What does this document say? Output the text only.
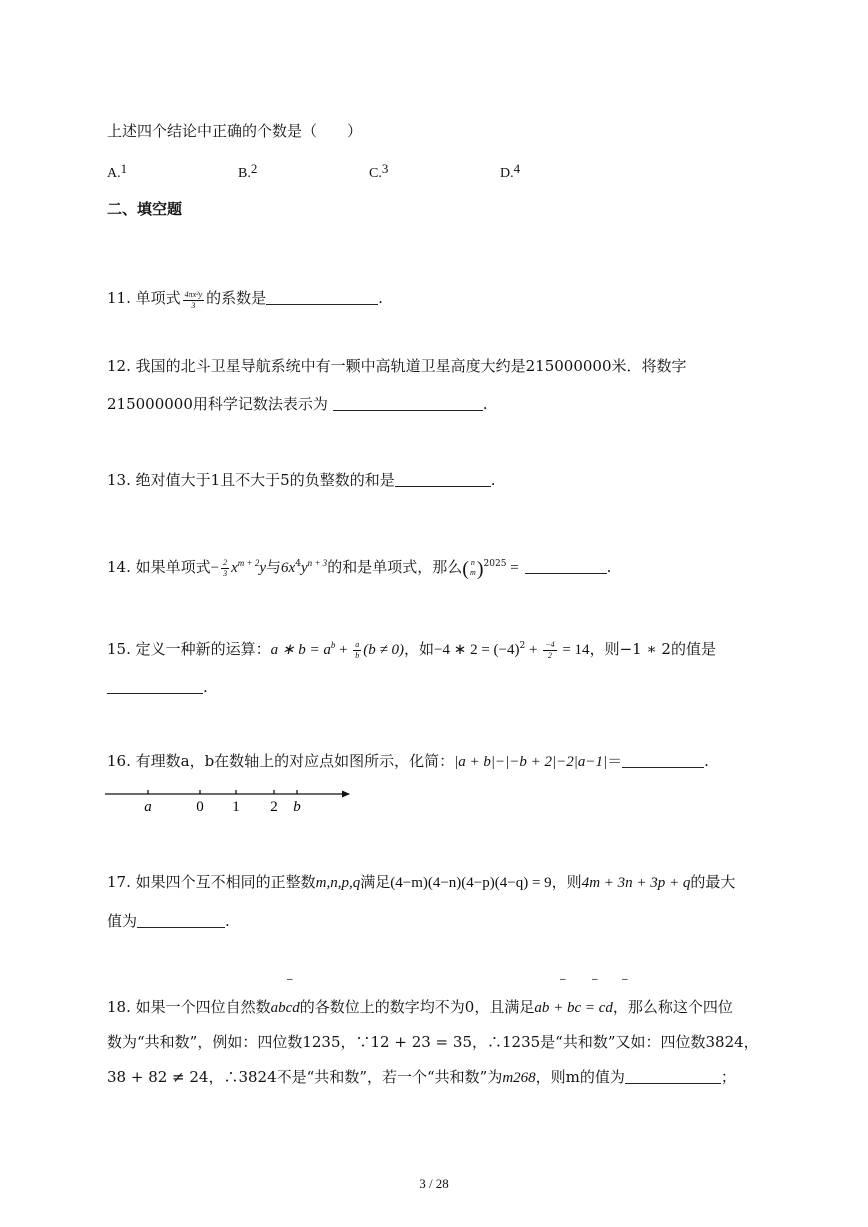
上述四个结论中正确的个数是（　　）
A.$^1$	B.$^2$	C.$^3$	D.$^4$
二、填空题
11. 单项式 $\frac{\text{4πx²y}}{3}$ 的系数是	.
12. 我国的北斗卫星导航系统中有一颗中高轨道卫星高度大约是215000000米．将数字
215000000用科学记数法表示为	.
13. 绝对值大于1且不大于5的负整数的和是	.
14. 如果单项式− $\frac{2}{3} x^{m + 2}y$与$6x^4y^{n + 3}$的和是单项式，那么( n
m )$^{2025}$ =	.
15. 定义一种新的运算：a ∗ $b = a^b + \frac{a}{b} (b \ne 0)$，如−4 ∗ $2 = (-4)^2 + \frac{-4}{2} = 14$，则−1 ∗ 2的值是
.
16. 有理数a，b在数轴上的对应点如图所示，化简：|a + b|−|−b + 2|−2|a−1|＝	.
a	0 1 2 b
17. 如果四个互不相同的正整数m,n,p,q满足(4−m)(4−n)(4−p)(4−q) = 9，则4m + 3n + 3p + q的最大
值为	.
–	–	– –
18. 如果一个四位自然数abcd的各数位上的数字均不为0，且满足ab + bc = cd，那么称这个四位
数为“共和数”，例如：四位数1235，∵12 + 23 = 35，∴1235是“共和数”又如：四位数3824，
38 + 82 ≠ 24，∴3824不是“共和数”，若一个“共和数”为m268，则m的值为	；
3 / 28
